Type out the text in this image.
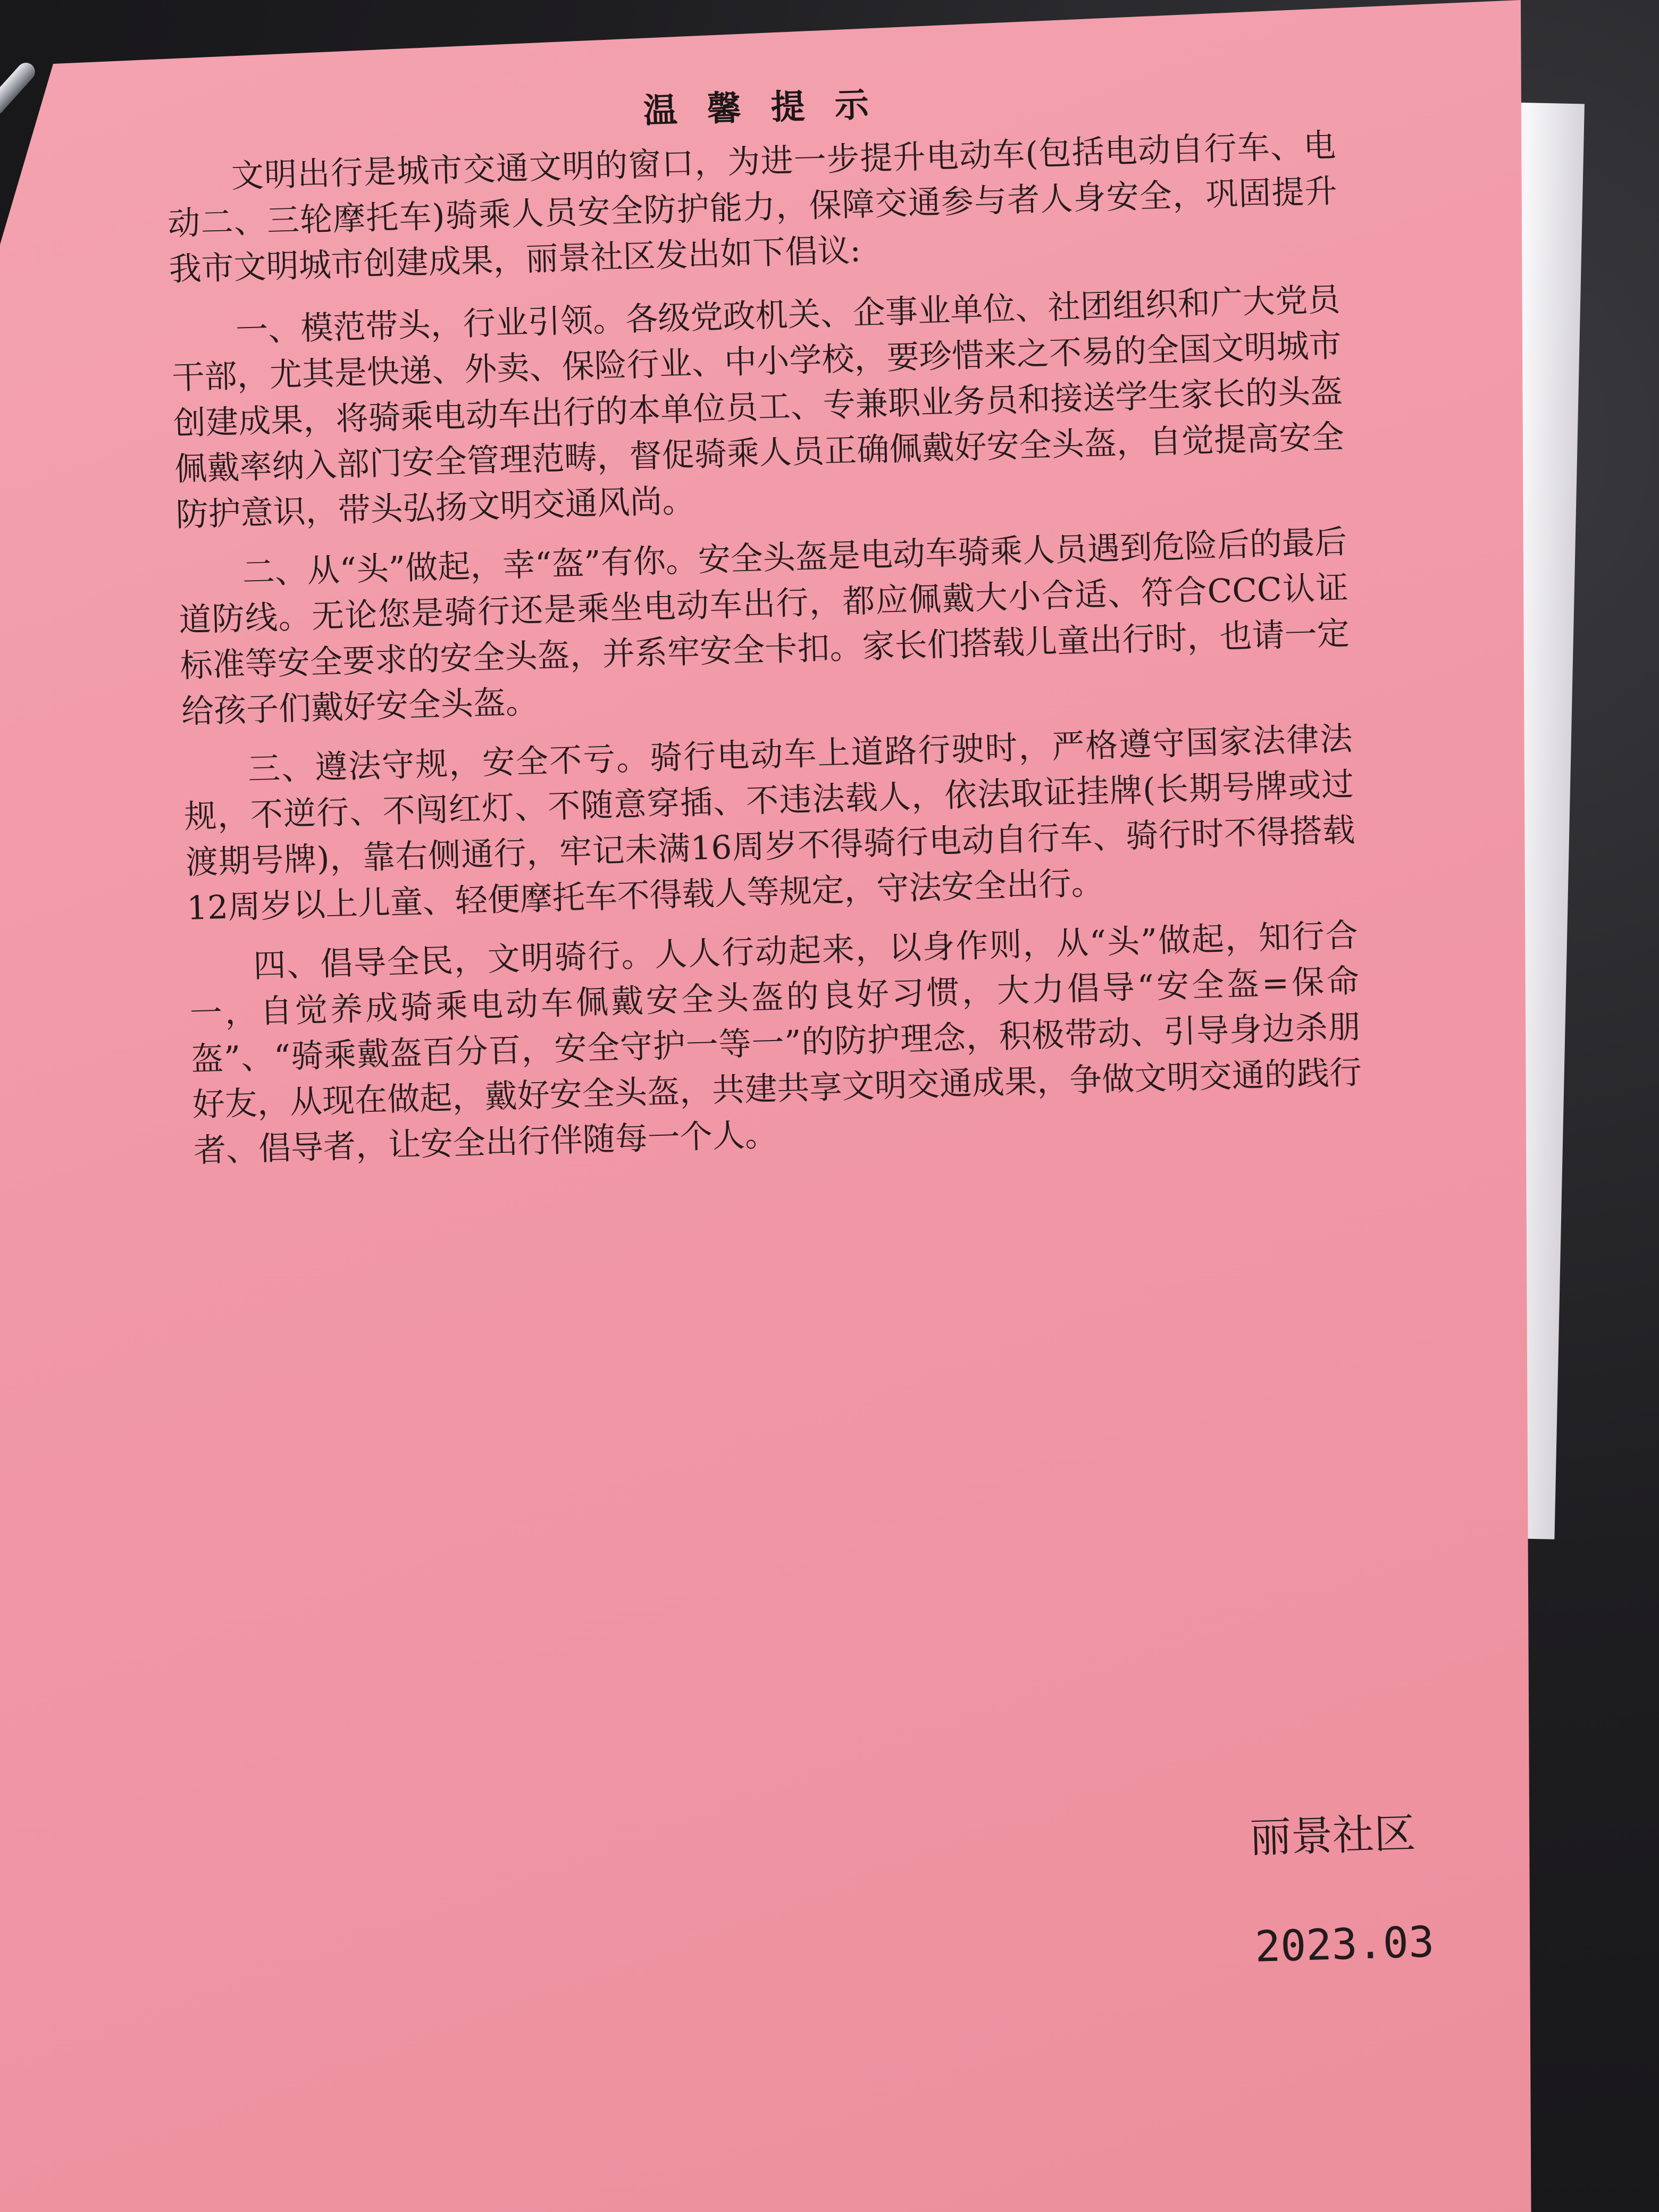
温馨提示

文明出行是城市交通文明的窗口，为进一步提升电动车(包括电动自行车、电动二、三轮摩托车)骑乘人员安全防护能力，保障交通参与者人身安全，巩固提升我市文明城市创建成果，丽景社区发出如下倡议:

一、模范带头，行业引领。各级党政机关、企事业单位、社团组织和广大党员干部，尤其是快递、外卖、保险行业、中小学校，要珍惜来之不易的全国文明城市创建成果，将骑乘电动车出行的本单位员工、专兼职业务员和接送学生家长的头盔佩戴率纳入部门安全管理范畴，督促骑乘人员正确佩戴好安全头盔，自觉提高安全防护意识，带头弘扬文明交通风尚。

二、从“头”做起，幸“盔”有你。安全头盔是电动车骑乘人员遇到危险后的最后道防线。无论您是骑行还是乘坐电动车出行，都应佩戴大小合适、符合CCC认证标准等安全要求的安全头盔，并系牢安全卡扣。家长们搭载儿童出行时，也请一定给孩子们戴好安全头盔。

三、遵法守规，安全不亏。骑行电动车上道路行驶时，严格遵守国家法律法规，不逆行、不闯红灯、不随意穿插、不违法载人，依法取证挂牌(长期号牌或过渡期号牌)，靠右侧通行，牢记未满16周岁不得骑行电动自行车、骑行时不得搭载12周岁以上儿童、轻便摩托车不得载人等规定，守法安全出行。

四、倡导全民，文明骑行。人人行动起来，以身作则，从“头”做起，知行合一，自觉养成骑乘电动车佩戴安全头盔的良好习惯，大力倡导“安全盔=保命盔”、“骑乘戴盔百分百，安全守护一等一”的防护理念，积极带动、引导身边杀朋好友，从现在做起，戴好安全头盔，共建共享文明交通成果，争做文明交通的践行者、倡导者，让安全出行伴随每一个人。

丽景社区
2023.03
